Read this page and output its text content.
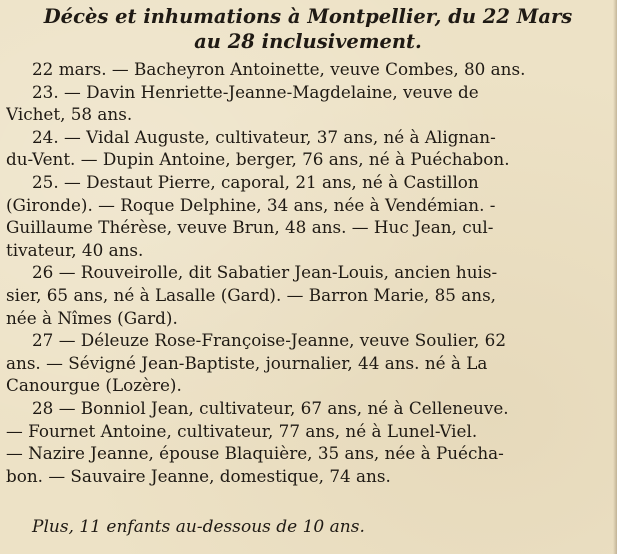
Décès et inhumations à Montpellier, du 22 Mars
au 28 inclusivement.
22 mars. — Bacheyron Antoinette, veuve Combes, 80 ans.
23. — Davin Henriette-Jeanne-Magdelaine, veuve de
Vichet, 58 ans.
24. — Vidal Auguste, cultivateur, 37 ans, né à Alignan-
du-Vent. — Dupin Antoine, berger, 76 ans, né à Puéchabon.
25. — Destaut Pierre, caporal, 21 ans, né à Castillon
(Gironde). — Roque Delphine, 34 ans, née à Vendémian. -
Guillaume Thérèse, veuve Brun, 48 ans. — Huc Jean, cul-
tivateur, 40 ans.
26 — Rouveirolle, dit Sabatier Jean-Louis, ancien huis-
sier, 65 ans, né à Lasalle (Gard). — Barron Marie, 85 ans,
née à Nîmes (Gard).
27 — Déleuze Rose-Françoise-Jeanne, veuve Soulier, 62
ans. — Sévigné Jean-Baptiste, journalier, 44 ans. né à La
Canourgue (Lozère).
28 — Bonniol Jean, cultivateur, 67 ans, né à Celleneuve.
— Fournet Antoine, cultivateur, 77 ans, né à Lunel-Viel.
— Nazire Jeanne, épouse Blaquière, 35 ans, née à Puécha-
bon. — Sauvaire Jeanne, domestique, 74 ans.
Plus, 11 enfants au-dessous de 10 ans.
